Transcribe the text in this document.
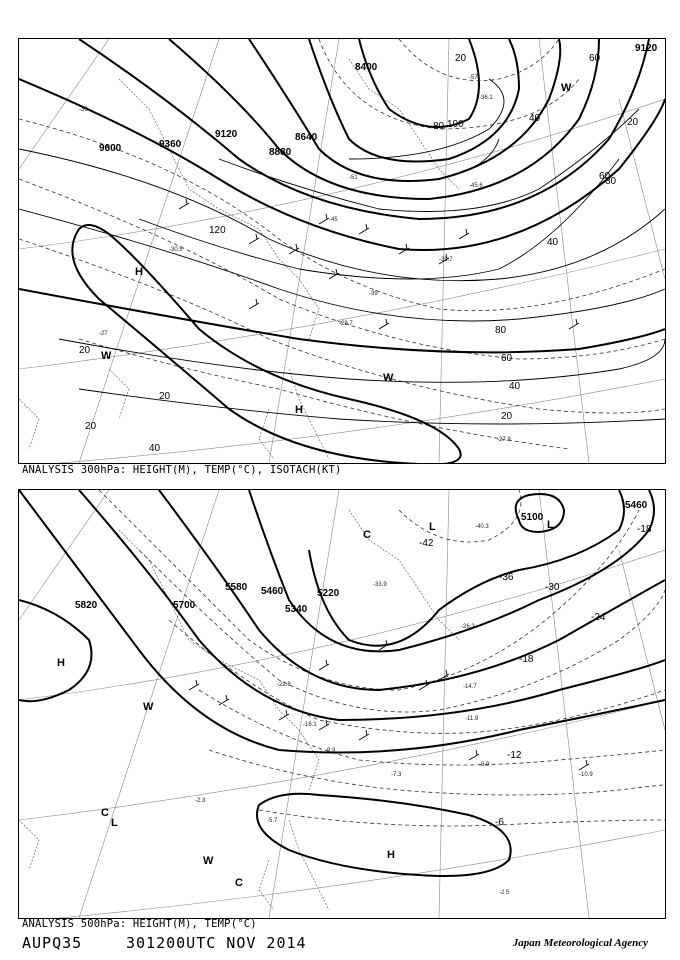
9600	9360
9120
8880
8640
8400
9120
20
40
60
80 100
120
80
60
40
20
20
20
20
40
60
80
40
20
-33
-39
-45
-51
-57
-27
-30.5
-29.7
-36.1
-45.6
-39.7
-27.9
H
H
W
W
W
ANALYSIS 300hPa: HEIGHT(M), TEMP(°C), ISOTACH(KT)
5820	5700
5580 5460
5340
5220
5100
5460
-42
-36
-30
-24
-18
-12
-6
-18
-22.8
-16.1
-11.9
-9.9
-7.3
-8.9
-10.9
-2.3
-5.7
-2.5
-14.7
-26.3
-33.9
-40.3
H
H
L	L
L
W
W
C
C
C
ANALYSIS 500hPa: HEIGHT(M), TEMP(°C)
AUPQ35	301200UTC NOV 2014	Japan Meteorological Agency
